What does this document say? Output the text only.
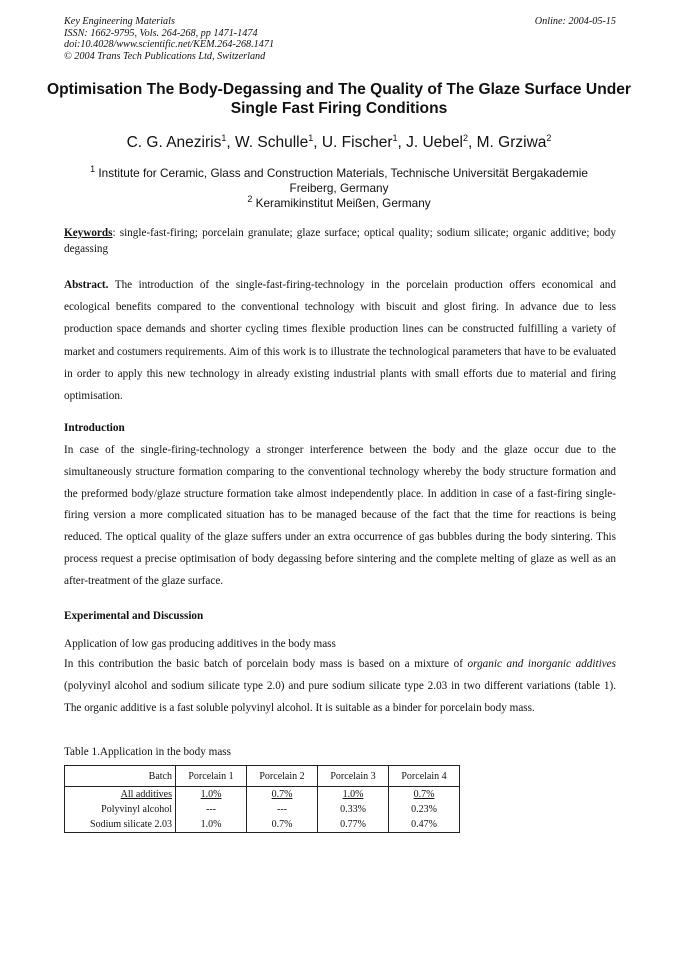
Key Engineering Materials
ISSN: 1662-9795, Vols. 264-268, pp 1471-1474
doi:10.4028/www.scientific.net/KEM.264-268.1471
© 2004 Trans Tech Publications Ltd, Switzerland
Online: 2004-05-15
Optimisation The Body-Degassing and The Quality of The Glaze Surface Under Single Fast Firing Conditions
C. G. Aneziris$^1$, W. Schulle$^1$, U. Fischer$^1$, J. Uebel$^2$, M. Grziwa$^2$
$^1$ Institute for Ceramic, Glass and Construction Materials, Technische Universität Bergakademie
Freiberg, Germany
$^2$ Keramikinstitut Meißen, Germany
Keywords: single-fast-firing; porcelain granulate; glaze surface; optical quality; sodium silicate; organic additive; body degassing
Abstract. The introduction of the single-fast-firing-technology in the porcelain production offers economical and ecological benefits compared to the conventional technology with biscuit and glost firing. In advance due to less production space demands and shorter cycling times flexible production lines can be constructed fulfilling a variety of market and costumers requirements. Aim of this work is to illustrate the technological parameters that have to be evaluated in order to apply this new technology in already existing industrial plants with small efforts due to material and firing optimisation.
Introduction
In case of the single-firing-technology a stronger interference between the body and the glaze occur due to the simultaneously structure formation comparing to the conventional technology whereby the body structure formation and the preformed body/glaze structure formation take almost independently place. In addition in case of a fast-firing single-firing version a more complicated situation has to be managed because of the fact that the time for reactions is being reduced. The optical quality of the glaze suffers under an extra occurrence of gas bubbles during the body sintering. This process request a precise optimisation of body degassing before sintering and the complete melting of glaze as well as an after-treatment of the glaze surface.
Experimental and Discussion
Application of low gas producing additives in the body mass
In this contribution the basic batch of porcelain body mass is based on a mixture of organic and inorganic additives (polyvinyl alcohol and sodium silicate type 2.0) and pure sodium silicate type 2.03 in two different variations (table 1). The organic additive is a fast soluble polyvinyl alcohol. It is suitable as a binder for porcelain body mass.
Table 1.Application in the body mass
Batch	Porcelain 1	Porcelain 2	Porcelain 3	Porcelain 4
All additives	1.0%	0.7%	1.0%	0.7%
Polyvinyl alcohol	---	---	0.33%	0.23%
Sodium silicate 2.03	1.0%	0.7%	0.77%	0.47%
